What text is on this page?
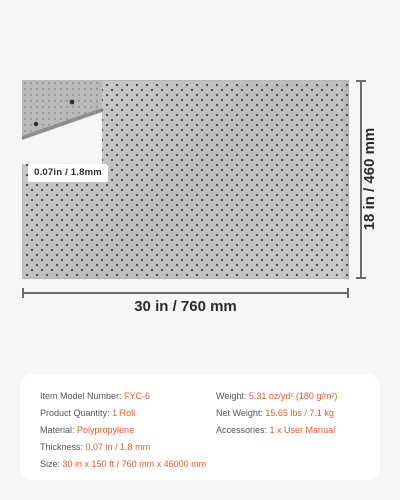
0.07in / 1.8mm
30 in / 760 mm
18 in / 460 mm
Item Model Number: FYC-6
Product Quantity: 1 Roll
Material: Polypropylene
Thickness: 0.07 in / 1.8 mm
Size: 30 in x 150 ft / 760 mm x 46000 mm
Weight: 5.31 oz/yd² (180 g/m²)
Net Weight: 15.65 lbs / 7.1 kg
Accessories: 1 x User Manual
